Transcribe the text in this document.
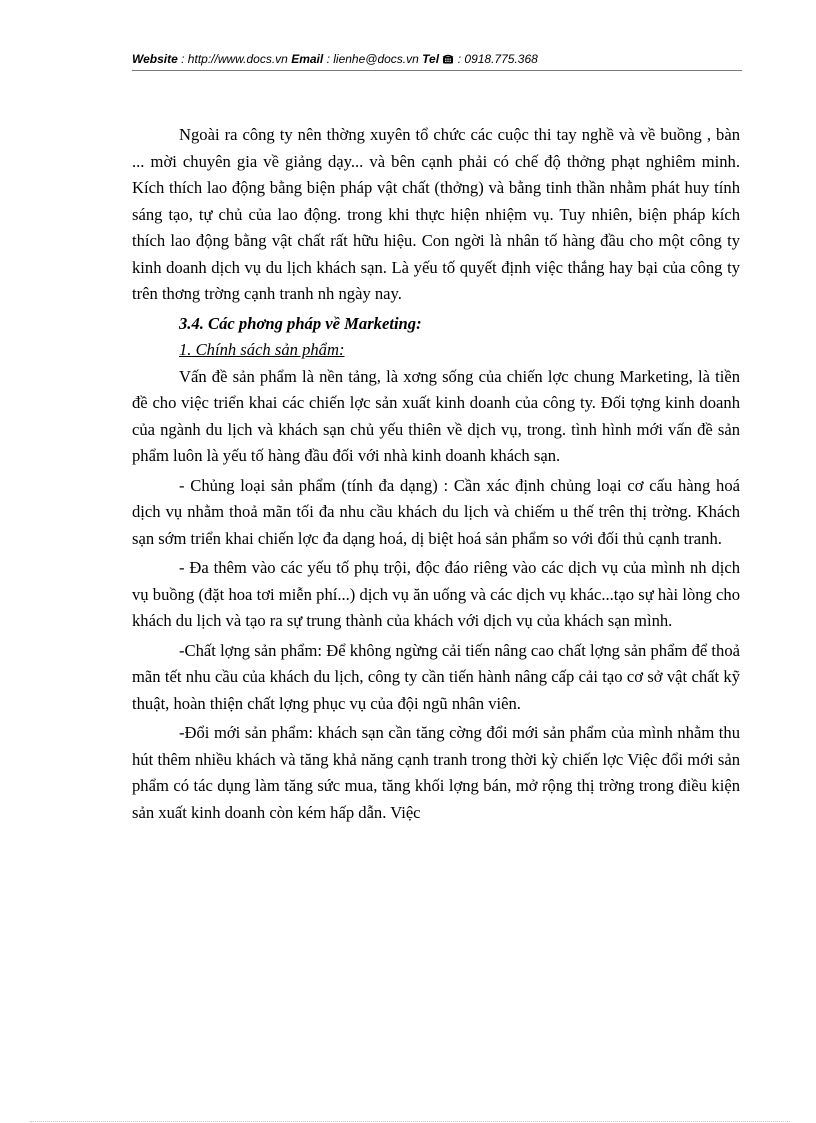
Website : http://www.docs.vn Email : lienhe@docs.vn Tel : 0918.775.368

Ngoài ra công ty nên thờng xuyên tổ chức các cuộc thi tay nghề và về buồng , bàn ... mời chuyên gia về giảng dạy... và bên cạnh phải có chế độ thởng phạt nghiêm minh. Kích thích lao động bằng biện pháp vật chất (thởng) và bằng tinh thần nhằm phát huy tính sáng tạo, tự chủ của lao động. trong khi thực hiện nhiệm vụ. Tuy nhiên, biện pháp kích thích lao động bằng vật chất rất hữu hiệu. Con ngời là nhân tố hàng đầu cho một công ty kinh doanh dịch vụ du lịch khách sạn. Là yếu tố quyết định việc thắng hay bại của công ty trên thơng trờng cạnh tranh nh ngày nay.

3.4. Các phơng pháp về Marketing:

1. Chính sách sản phẩm:

Vấn đề sản phẩm là nền tảng, là xơng sống của chiến lợc chung Marketing, là tiền đề cho việc triển khai các chiến lợc sản xuất kinh doanh của công ty. Đối tợng kinh doanh của ngành du lịch và khách sạn chủ yếu thiên về dịch vụ, trong. tình hình mới vấn đề sản phẩm luôn là yếu tố hàng đầu đối với nhà kinh doanh khách sạn.

- Chủng loại sản phẩm (tính đa dạng) : Cần xác định chủng loại cơ cấu hàng hoá dịch vụ nhằm thoả mãn tối đa nhu cầu khách du lịch và chiếm u thế trên thị trờng. Khách sạn sớm triển khai chiến lợc đa dạng hoá, dị biệt hoá sản phẩm so với đối thủ cạnh tranh.

- Đa thêm vào các yếu tố phụ trội, độc đáo riêng vào các dịch vụ của mình nh dịch vụ buồng (đặt hoa tơi miễn phí...) dịch vụ ăn uống và các dịch vụ khác...tạo sự hài lòng cho khách du lịch và tạo ra sự trung thành của khách với dịch vụ của khách sạn mình.

-Chất lợng sản phẩm: Để không ngừng cải tiến nâng cao chất lợng sản phẩm để thoả mãn tết nhu cầu của khách du lịch, công ty cần tiến hành nâng cấp cải tạo cơ sở vật chất kỹ thuật, hoàn thiện chất lợng phục vụ của đội ngũ nhân viên.

-Đổi mới sản phẩm: khách sạn cần tăng cờng đổi mới sản phẩm của mình nhằm thu hút thêm nhiều khách và tăng khả năng cạnh tranh trong thời kỳ chiến lợc Việc đổi mới sản phẩm có tác dụng làm tăng sức mua, tăng khối lợng bán, mở rộng thị trờng trong điều kiện sản xuất kinh doanh còn kém hấp dẫn. Việc
